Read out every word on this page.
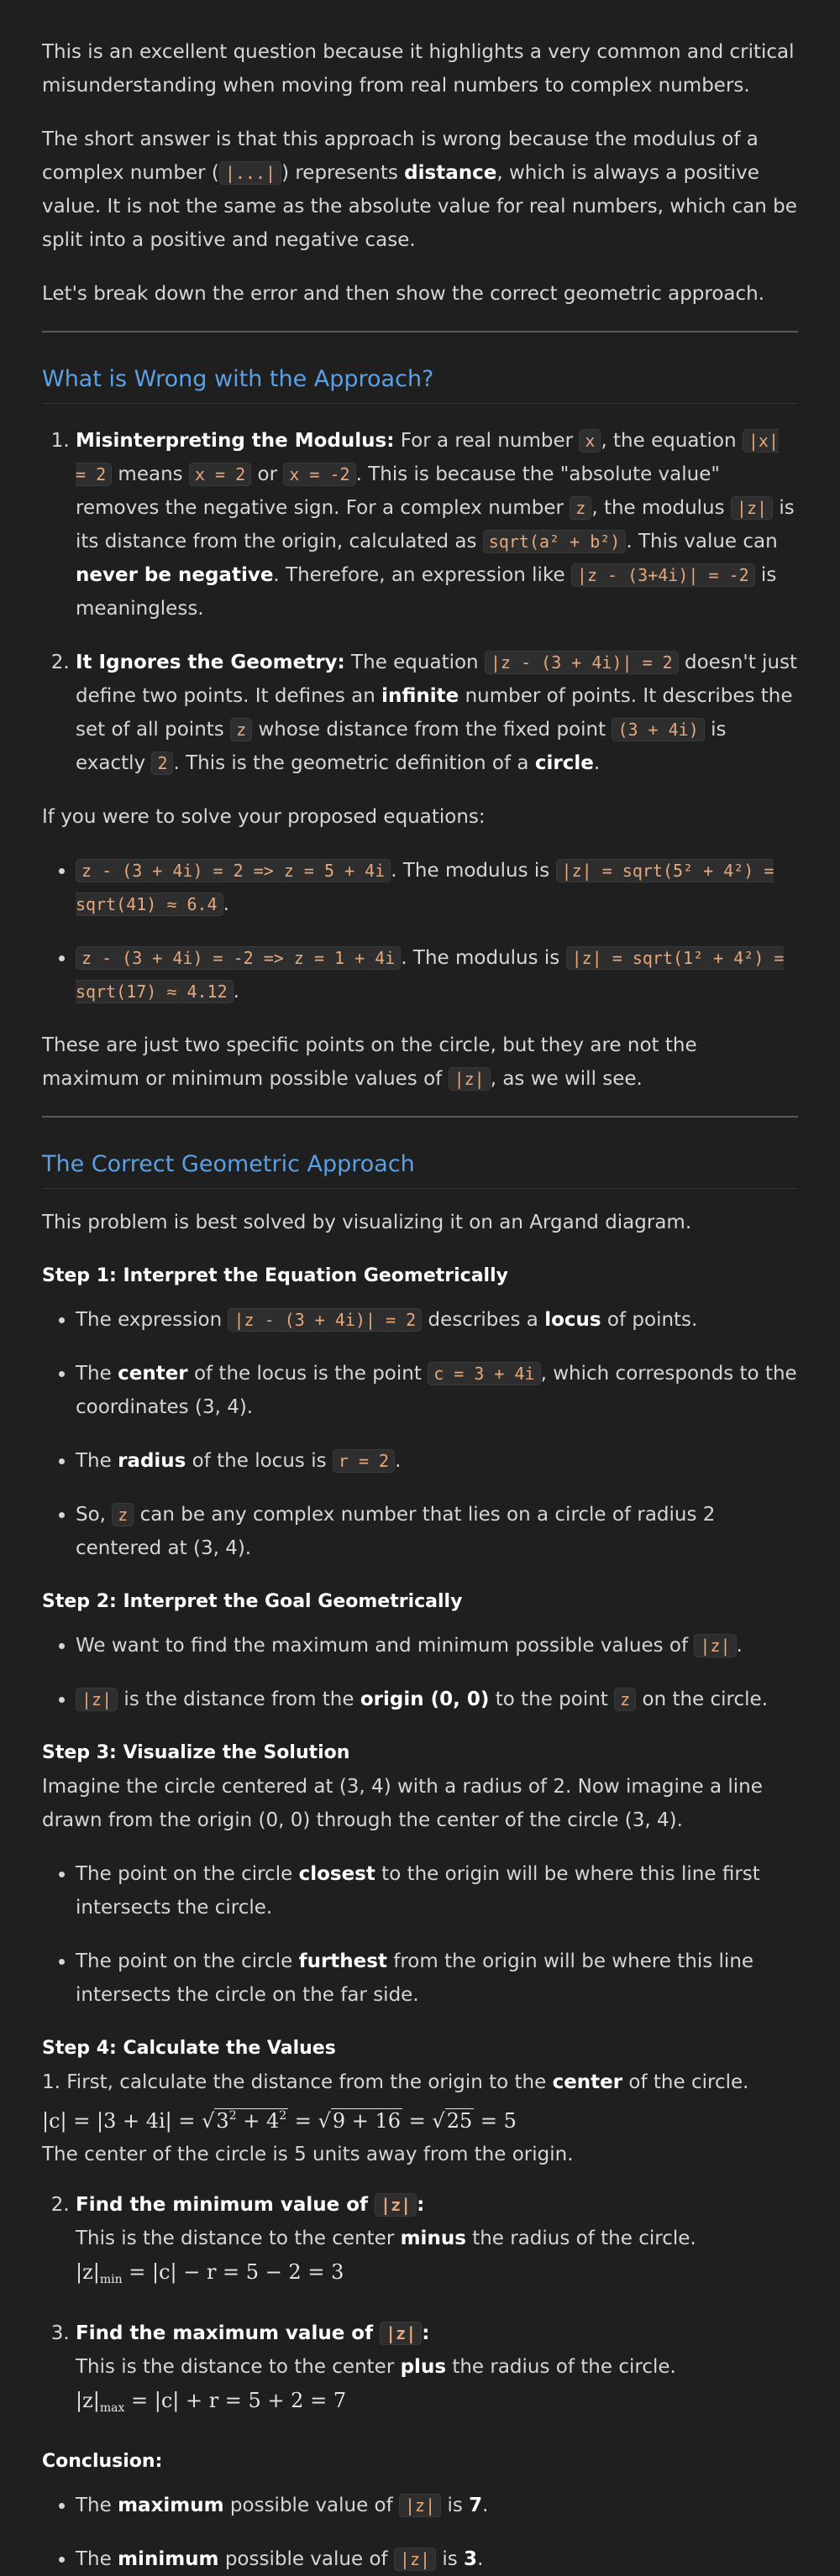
This is an excellent question because it highlights a very common and critical misunderstanding when moving from real numbers to complex numbers.

The short answer is that this approach is wrong because the modulus of a complex number ( |...| ) represents distance, which is always a positive value. It is not the same as the absolute value for real numbers, which can be split into a positive and negative case.

Let's break down the error and then show the correct geometric approach.

What is Wrong with the Approach?
1. Misinterpreting the Modulus: For a real number x , the equation |x| = 2 means x = 2 or x = -2 . This is because the "absolute value" removes the negative sign. For a complex number z , the modulus |z| is its distance from the origin, calculated as sqrt(a² + b²) . This value can never be negative. Therefore, an expression like |z - (3+4i)| = -2 is meaningless.
2. It Ignores the Geometry: The equation |z - (3 + 4i)| = 2 doesn't just define two points. It defines an infinite number of points. It describes the set of all points z whose distance from the fixed point (3 + 4i) is exactly 2 . This is the geometric definition of a circle.

If you were to solve your proposed equations:

• z - (3 + 4i) = 2 => z = 5 + 4i . The modulus is |z| = sqrt(5² + 4²) = sqrt(41) ≈ 6.4 .
• z - (3 + 4i) = -2 => z = 1 + 4i . The modulus is |z| = sqrt(1² + 4²) = sqrt(17) ≈ 4.12 .

These are just two specific points on the circle, but they are not the maximum or minimum possible values of |z| , as we will see.

The Correct Geometric Approach

This problem is best solved by visualizing it on an Argand diagram.

Step 1: Interpret the Equation Geometrically
• The expression |z - (3 + 4i)| = 2 describes a locus of points.
• The center of the locus is the point c = 3 + 4i , which corresponds to the coordinates (3, 4).
• The radius of the locus is r = 2 .
• So, z can be any complex number that lies on a circle of radius 2 centered at (3, 4).
Step 2: Interpret the Goal Geometrically
• We want to find the maximum and minimum possible values of |z| .
• |z| is the distance from the origin (0, 0) to the point z on the circle.
Step 3: Visualize the Solution

Imagine the circle centered at (3, 4) with a radius of 2. Now imagine a line drawn from the origin (0, 0) through the center of the circle (3, 4).

• The point on the circle closest to the origin will be where this line first intersects the circle.
• The point on the circle furthest from the origin will be where this line intersects the circle on the far side.
Step 4: Calculate the Values
1. First, calculate the distance from the origin to the center of the circle.
$|c| = |3 + 4i| = √3^2 + 4^2 = √9 + 16 = √25 = 5$
The center of the circle is 5 units away from the origin.
2. Find the minimum value of |z| :
This is the distance to the center minus the radius of the circle.
$|z|_{min} = |c| - r = 5 - 2 = 3$
3. Find the maximum value of |z| :
This is the distance to the center plus the radius of the circle.
$|z|_{max} = |c| + r = 5 + 2 = 7$
Conclusion:
• The maximum possible value of |z| is 7.
• The minimum possible value of |z| is 3.
